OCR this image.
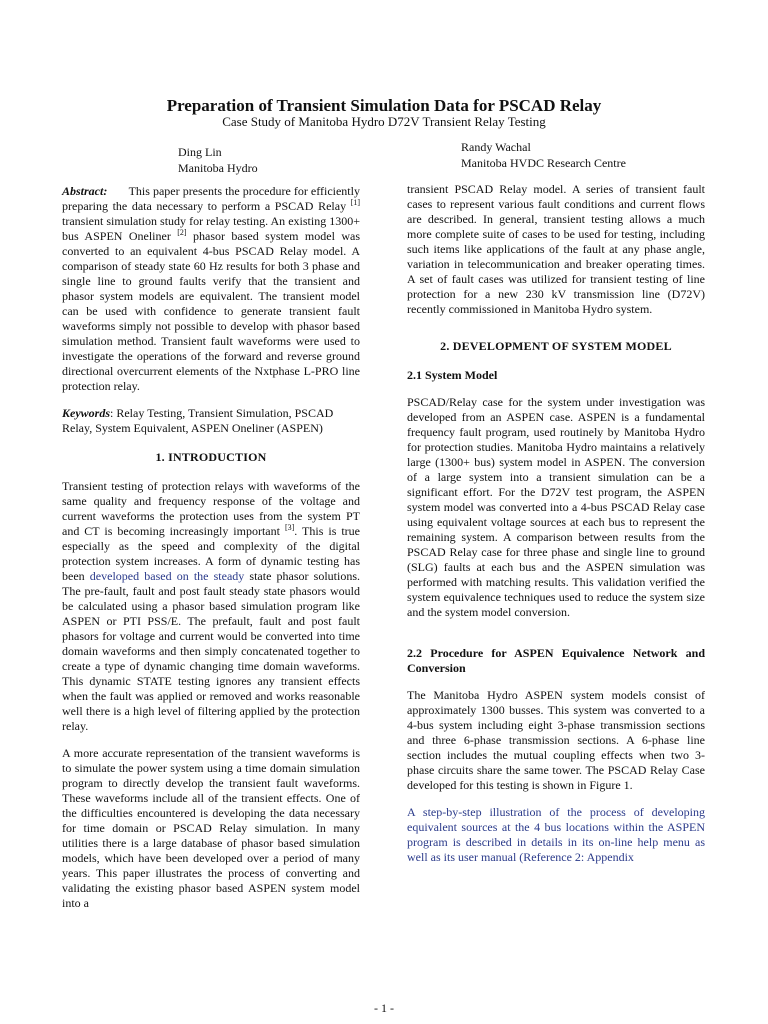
Preparation of Transient Simulation Data for PSCAD Relay
Case Study of Manitoba Hydro D72V Transient Relay Testing
Ding Lin
Manitoba Hydro
Randy Wachal
Manitoba HVDC Research Centre

Abstract: This paper presents the procedure for efficiently preparing the data necessary to perform a PSCAD Relay [1] transient simulation study for relay testing. An existing 1300+ bus ASPEN Oneliner [2] phasor based system model was converted to an equivalent 4-bus PSCAD Relay model. A comparison of steady state 60 Hz results for both 3 phase and single line to ground faults verify that the transient and phasor system models are equivalent. The transient model can be used with confidence to generate transient fault waveforms simply not possible to develop with phasor based simulation method. Transient fault waveforms were used to investigate the operations of the forward and reverse ground directional overcurrent elements of the Nxtphase L-PRO line protection relay.

Keywords: Relay Testing, Transient Simulation, PSCAD Relay, System Equivalent, ASPEN Oneliner (ASPEN)

1. INTRODUCTION

Transient testing of protection relays with waveforms of the same quality and frequency response of the voltage and current waveforms the protection uses from the system PT and CT is becoming increasingly important [3]. This is true especially as the speed and complexity of the digital protection system increases. A form of dynamic testing has been developed based on the steady state phasor solutions. The pre-fault, fault and post fault steady state phasors would be calculated using a phasor based simulation program like ASPEN or PTI PSS/E. The prefault, fault and post fault phasors for voltage and current would be converted into time domain waveforms and then simply concatenated together to create a type of dynamic changing time domain waveforms. This dynamic STATE testing ignores any transient effects when the fault was applied or removed and works reasonable well there is a high level of filtering applied by the protection relay.

A more accurate representation of the transient waveforms is to simulate the power system using a time domain simulation program to directly develop the transient fault waveforms. These waveforms include all of the transient effects. One of the difficulties encountered is developing the data necessary for time domain or PSCAD Relay simulation. In many utilities there is a large database of phasor based simulation models, which have been developed over a period of many years. This paper illustrates the process of converting and validating the existing phasor based ASPEN system model into a

transient PSCAD Relay model. A series of transient fault cases to represent various fault conditions and current flows are described. In general, transient testing allows a much more complete suite of cases to be used for testing, including such items like applications of the fault at any phase angle, variation in telecommunication and breaker operating times. A set of fault cases was utilized for transient testing of line protection for a new 230 kV transmission line (D72V) recently commissioned in Manitoba Hydro system.

2. DEVELOPMENT OF SYSTEM MODEL
2.1 System Model

PSCAD/Relay case for the system under investigation was developed from an ASPEN case. ASPEN is a fundamental frequency fault program, used routinely by Manitoba Hydro for protection studies. Manitoba Hydro maintains a relatively large (1300+ bus) system model in ASPEN. The conversion of a large system into a transient simulation can be a significant effort. For the D72V test program, the ASPEN system model was converted into a 4-bus PSCAD Relay case using equivalent voltage sources at each bus to represent the remaining system. A comparison between results from the PSCAD Relay case for three phase and single line to ground (SLG) faults at each bus and the ASPEN simulation was performed with matching results. This validation verified the system equivalence techniques used to reduce the system size and the system model conversion.

2.2 Procedure for ASPEN Equivalence Network and Conversion

The Manitoba Hydro ASPEN system models consist of approximately 1300 busses. This system was converted to a 4-bus system including eight 3-phase transmission sections and three 6-phase transmission sections. A 6-phase line section includes the mutual coupling effects when two 3-phase circuits share the same tower. The PSCAD Relay Case developed for this testing is shown in Figure 1.

A step-by-step illustration of the process of developing equivalent sources at the 4 bus locations within the ASPEN program is described in details in its on-line help menu as well as its user manual (Reference 2: Appendix

- 1 -
